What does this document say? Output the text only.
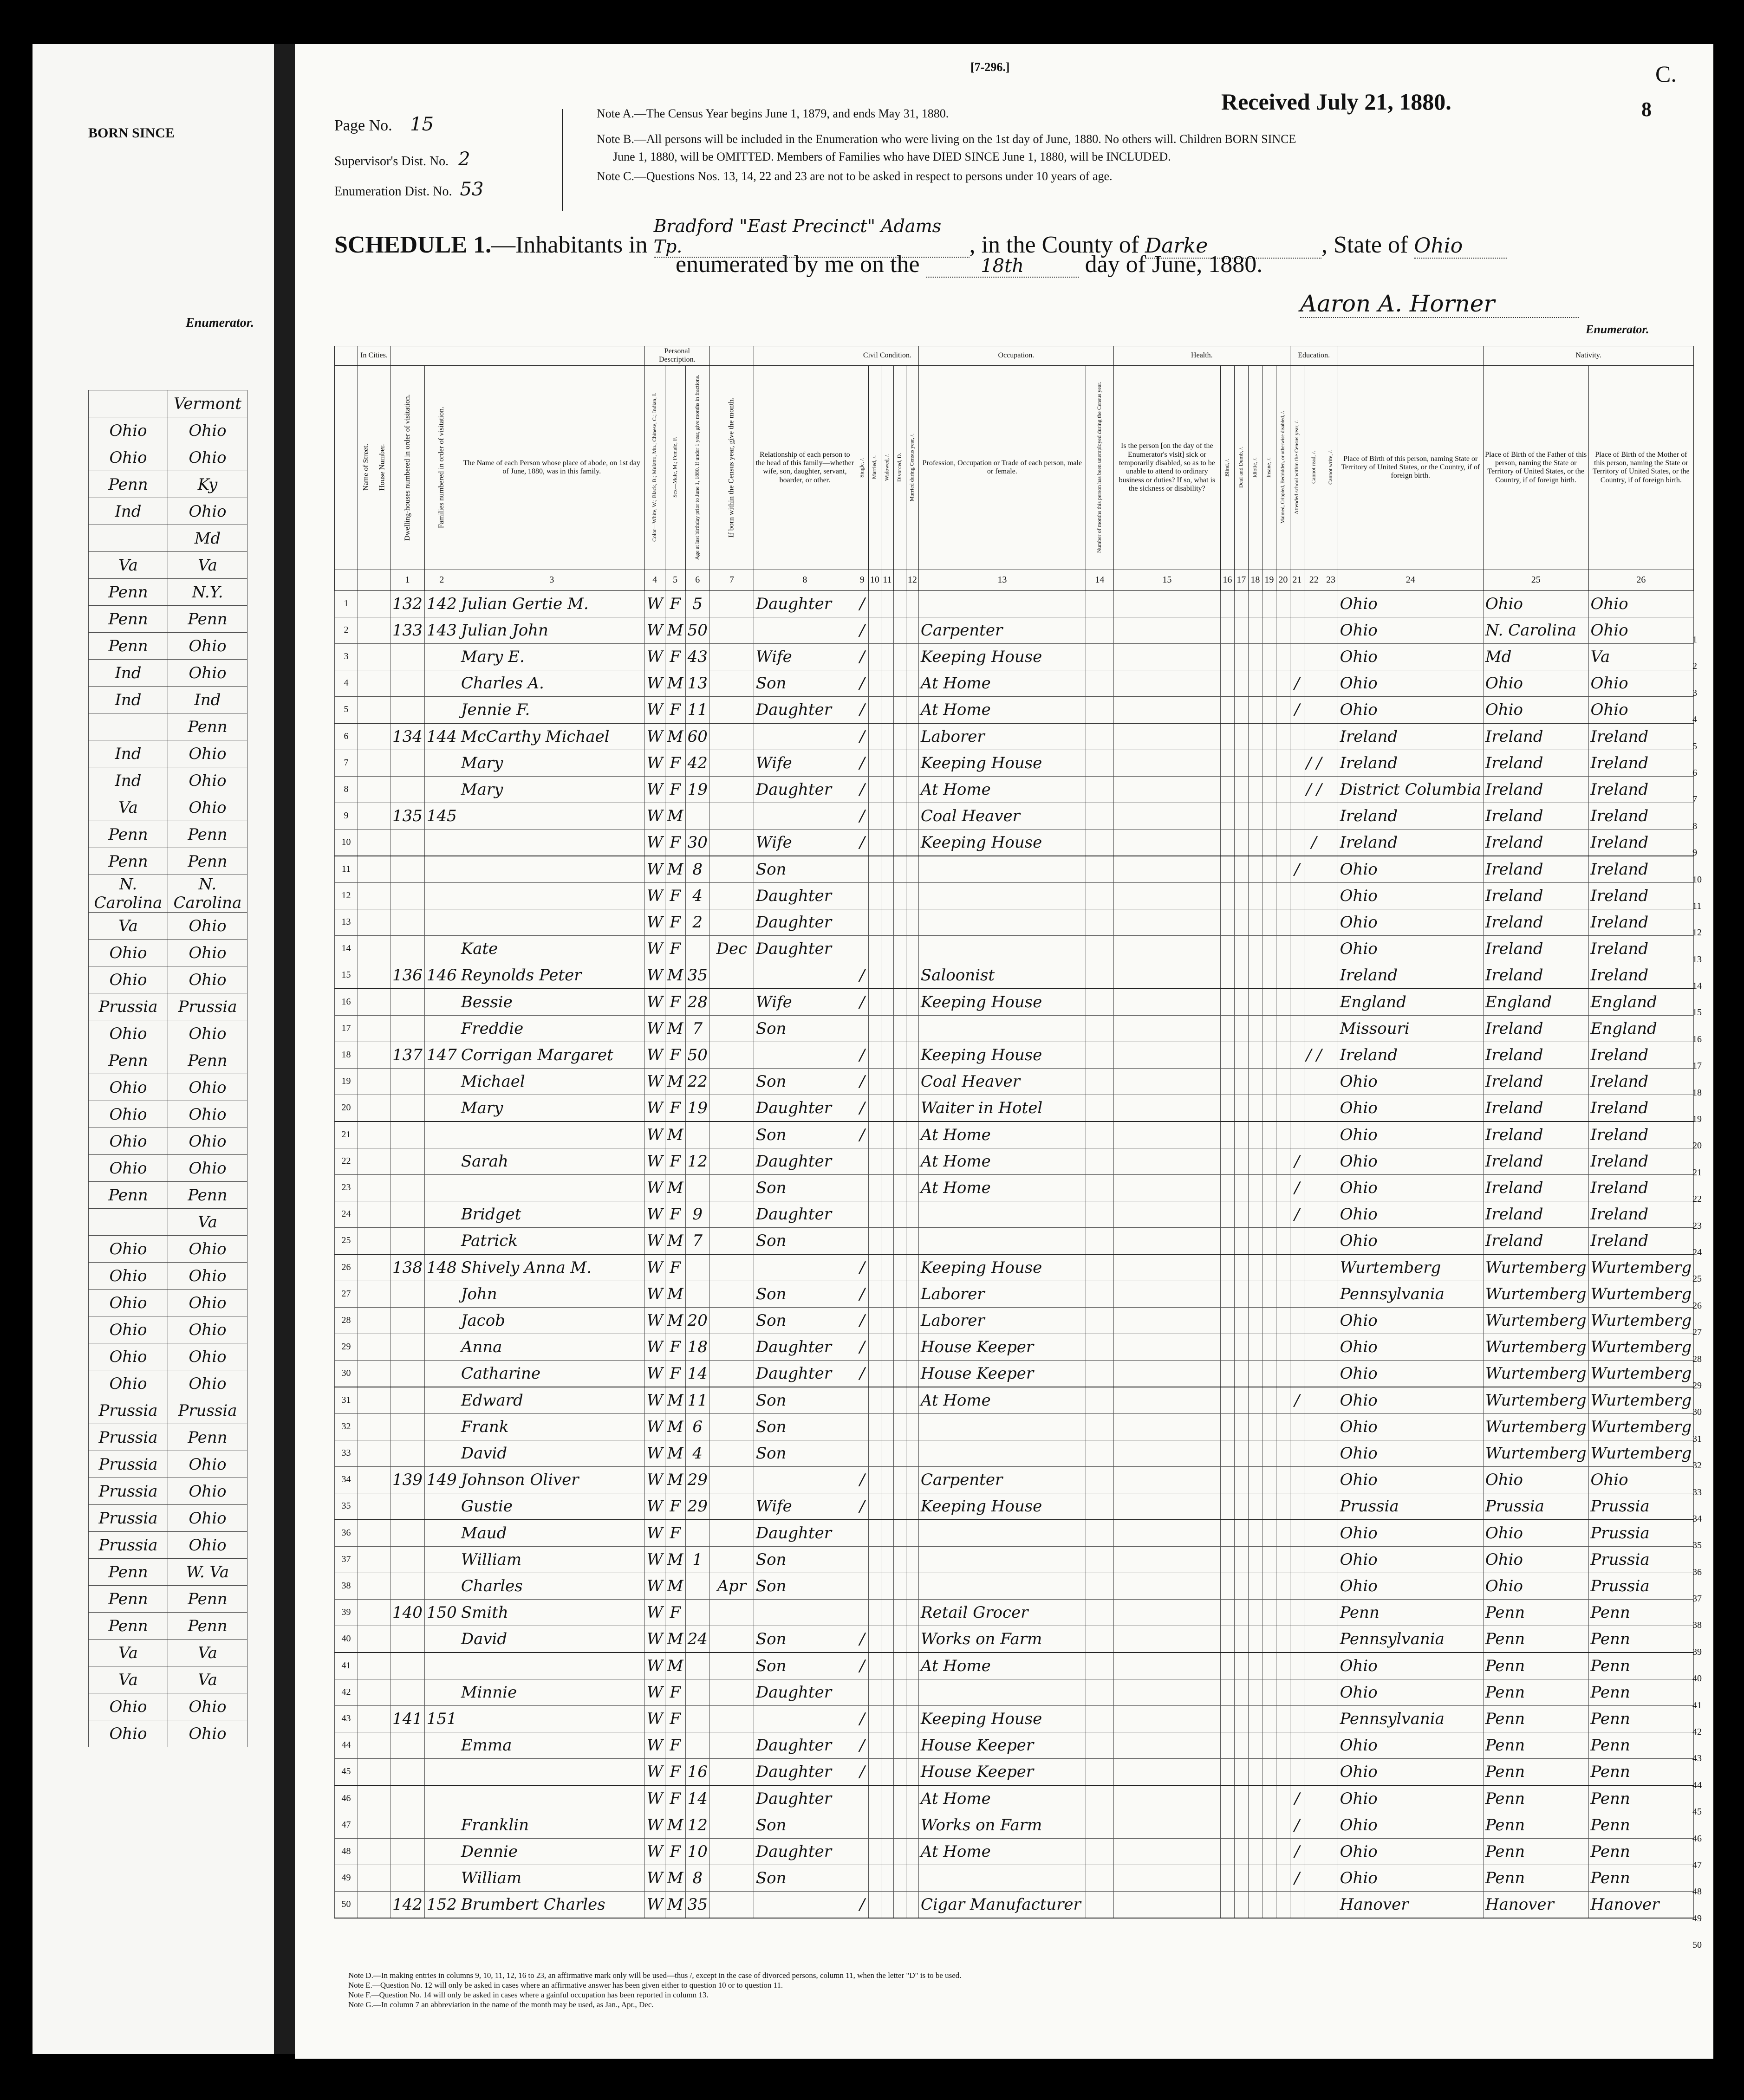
BORN SINCE
Enumerator.
	Vermont
Ohio	Ohio
Ohio	Ohio
Penn	Ky
Ind	Ohio
	Md
Va	Va
Penn	N.Y.
Penn	Penn
Penn	Ohio
Ind	Ohio
Ind	Ind
	Penn
Ind	Ohio
Ind	Ohio
Va	Ohio
Penn	Penn
Penn	Penn
N. Carolina	N. Carolina
Va	Ohio
Ohio	Ohio
Ohio	Ohio
Prussia	Prussia
Ohio	Ohio
Penn	Penn
Ohio	Ohio
Ohio	Ohio
Ohio	Ohio
Ohio	Ohio
Penn	Penn
	Va
Ohio	Ohio
Ohio	Ohio
Ohio	Ohio
Ohio	Ohio
Ohio	Ohio
Ohio	Ohio
Prussia	Prussia
Prussia	Penn
Prussia	Ohio
Prussia	Ohio
Prussia	Ohio
Prussia	Ohio
Penn	W. Va
Penn	Penn
Penn	Penn
Va	Va
Va	Va
Ohio	Ohio
Ohio	Ohio
[7-296.]	C.
8
Received July 21, 1880.
Page No. 15
Supervisor's Dist. No. 2
Enumeration Dist. No. 53
Note A.—The Census Year begins June 1, 1879, and ends May 31, 1880.
Note B.—All persons will be included in the Enumeration who were living on the 1st day of June, 1880. No others will. Children BORN SINCE
June 1, 1880, will be OMITTED. Members of Families who have DIED SINCE June 1, 1880, will be INCLUDED.
Note C.—Questions Nos. 13, 14, 22 and 23 are not to be asked in respect to persons under 10 years of age.
SCHEDULE 1.—Inhabitants in Bradford "East Precinct" Adams Tp.	, in the County of Darke	, State of Ohio
enumerated by me on the	18th	day of June, 1880.
Aaron A. Horner
Enumerator.
	In Cities.					Personal Description.					Civil Condition.					Occupation.		Health.						Education.				Nativity.	
	Name of Street.	House Number.	Dwelling-houses numbered in order of visitation.	Families numbered in order of visitation.	The Name of each Person whose place of abode, on 1st day of June, 1880, was in this family.	Color—White, W.; Black, B.; Mulatto, Mu.; Chinese, C.; Indian, I.	Sex—Male, M.; Female, F.	Age at last birthday prior to June 1, 1880. If under 1 year, give months in fractions.	If born within the Census year, give the month.	Relationship of each person to the head of this family—whether wife, son, daughter, servant, boarder, or other.	Single, /.	Married, /.	Widowed, /.	Divorced, D.	Married during Census year, /.	Profession, Occupation or Trade of each person, male or female.	Number of months this person has been unemployed during the Census year.	Is the person [on the day of the Enumerator's visit] sick or temporarily disabled, so as to be unable to attend to ordinary business or duties? If so, what is the sickness or disability?	Blind, /.	Deaf and Dumb, /.	Idiotic, /.	Insane, /.	Maimed, Crippled, Bedridden, or otherwise disabled, /.	Attended school within the Census year, /.	Cannot read, /.	Cannot write, /.	Place of Birth of this person, naming State or Territory of United States, or the Country, if of foreign birth.	Place of Birth of the Father of this person, naming the State or Territory of United States, or the Country, if of foreign birth.	Place of Birth of the Mother of this person, naming the State or Territory of United States, or the Country, if of foreign birth.
			1	2	3	4	5	6	7	8	9	10	11		12	13	14	15	16	17	18	19	20	21	22	23	24	25	26
1			132	142	Julian Gertie M.	W	F	5		Daughter	/																Ohio	Ohio	Ohio
2			133	143	Julian John	W	M	50			/					Carpenter											Ohio	N. Carolina	Ohio
3					Mary E.	W	F	43		Wife	/					Keeping House											Ohio	Md	Va
4					Charles A.	W	M	13		Son	/					At Home								/			Ohio	Ohio	Ohio
5					Jennie F.	W	F	11		Daughter	/					At Home								/			Ohio	Ohio	Ohio
6			134	144	McCarthy Michael	W	M	60			/					Laborer											Ireland	Ireland	Ireland
7					Mary	W	F	42		Wife	/					Keeping House									/ /		Ireland	Ireland	Ireland
8					Mary	W	F	19		Daughter	/					At Home									/ /		District Columbia	Ireland	Ireland
9			135	145		W	M				/					Coal Heaver											Ireland	Ireland	Ireland
10						W	F	30		Wife	/					Keeping House									/		Ireland	Ireland	Ireland
11						W	M	8		Son														/			Ohio	Ireland	Ireland
12						W	F	4		Daughter																	Ohio	Ireland	Ireland
13						W	F	2		Daughter																	Ohio	Ireland	Ireland
14					Kate	W	F		Dec	Daughter																	Ohio	Ireland	Ireland
15			136	146	Reynolds Peter	W	M	35			/					Saloonist											Ireland	Ireland	Ireland
16					Bessie	W	F	28		Wife	/					Keeping House											England	England	England
17					Freddie	W	M	7		Son																	Missouri	Ireland	England
18			137	147	Corrigan Margaret	W	F	50			/					Keeping House									/ /		Ireland	Ireland	Ireland
19					Michael	W	M	22		Son	/					Coal Heaver											Ohio	Ireland	Ireland
20					Mary	W	F	19		Daughter	/					Waiter in Hotel											Ohio	Ireland	Ireland
21						W	M			Son	/					At Home											Ohio	Ireland	Ireland
22					Sarah	W	F	12		Daughter						At Home								/			Ohio	Ireland	Ireland
23						W	M			Son						At Home								/			Ohio	Ireland	Ireland
24					Bridget	W	F	9		Daughter														/			Ohio	Ireland	Ireland
25					Patrick	W	M	7		Son																	Ohio	Ireland	Ireland
26			138	148	Shively Anna M.	W	F				/					Keeping House											Wurtemberg	Wurtemberg	Wurtemberg
27					John	W	M			Son	/					Laborer											Pennsylvania	Wurtemberg	Wurtemberg
28					Jacob	W	M	20		Son	/					Laborer											Ohio	Wurtemberg	Wurtemberg
29					Anna	W	F	18		Daughter	/					House Keeper											Ohio	Wurtemberg	Wurtemberg
30					Catharine	W	F	14		Daughter	/					House Keeper											Ohio	Wurtemberg	Wurtemberg
31					Edward	W	M	11		Son						At Home								/			Ohio	Wurtemberg	Wurtemberg
32					Frank	W	M	6		Son																	Ohio	Wurtemberg	Wurtemberg
33					David	W	M	4		Son																	Ohio	Wurtemberg	Wurtemberg
34			139	149	Johnson Oliver	W	M	29			/					Carpenter											Ohio	Ohio	Ohio
35					Gustie	W	F	29		Wife	/					Keeping House											Prussia	Prussia	Prussia
36					Maud	W	F			Daughter																	Ohio	Ohio	Prussia
37					William	W	M	1		Son																	Ohio	Ohio	Prussia
38					Charles	W	M		Apr	Son																	Ohio	Ohio	Prussia
39			140	150	Smith	W	F									Retail Grocer											Penn	Penn	Penn
40					David	W	M	24		Son	/					Works on Farm											Pennsylvania	Penn	Penn
41						W	M			Son	/					At Home											Ohio	Penn	Penn
42					Minnie	W	F			Daughter																	Ohio	Penn	Penn
43			141	151		W	F				/					Keeping House											Pennsylvania	Penn	Penn
44					Emma	W	F			Daughter	/					House Keeper											Ohio	Penn	Penn
45						W	F	16		Daughter	/					House Keeper											Ohio	Penn	Penn
46						W	F	14		Daughter						At Home								/			Ohio	Penn	Penn
47					Franklin	W	M	12		Son						Works on Farm								/			Ohio	Penn	Penn
48					Dennie	W	F	10		Daughter						At Home								/			Ohio	Penn	Penn
49					William	W	M	8		Son														/			Ohio	Penn	Penn
50			142	152	Brumbert Charles	W	M	35			/					Cigar Manufacturer											Hanover	Hanover	Hanover
1
2
3
4
5
6
7
8
9
10
11
12
13
14
15
16
17
18
19
20
21
22
23
24
25
26
27
28
29
30
31
32
33
34
35
36
37
38
39
40
41
42
43
44
45
46
47
48
49
50
Note D.—In making entries in columns 9, 10, 11, 12, 16 to 23, an affirmative mark only will be used—thus /, except in the case of divorced persons, column 11, when the letter "D" is to be used.
Note E.—Question No. 12 will only be asked in cases where an affirmative answer has been given either to question 10 or to question 11.
Note F.—Question No. 14 will only be asked in cases where a gainful occupation has been reported in column 13.
Note G.—In column 7 an abbreviation in the name of the month may be used, as Jan., Apr., Dec.
